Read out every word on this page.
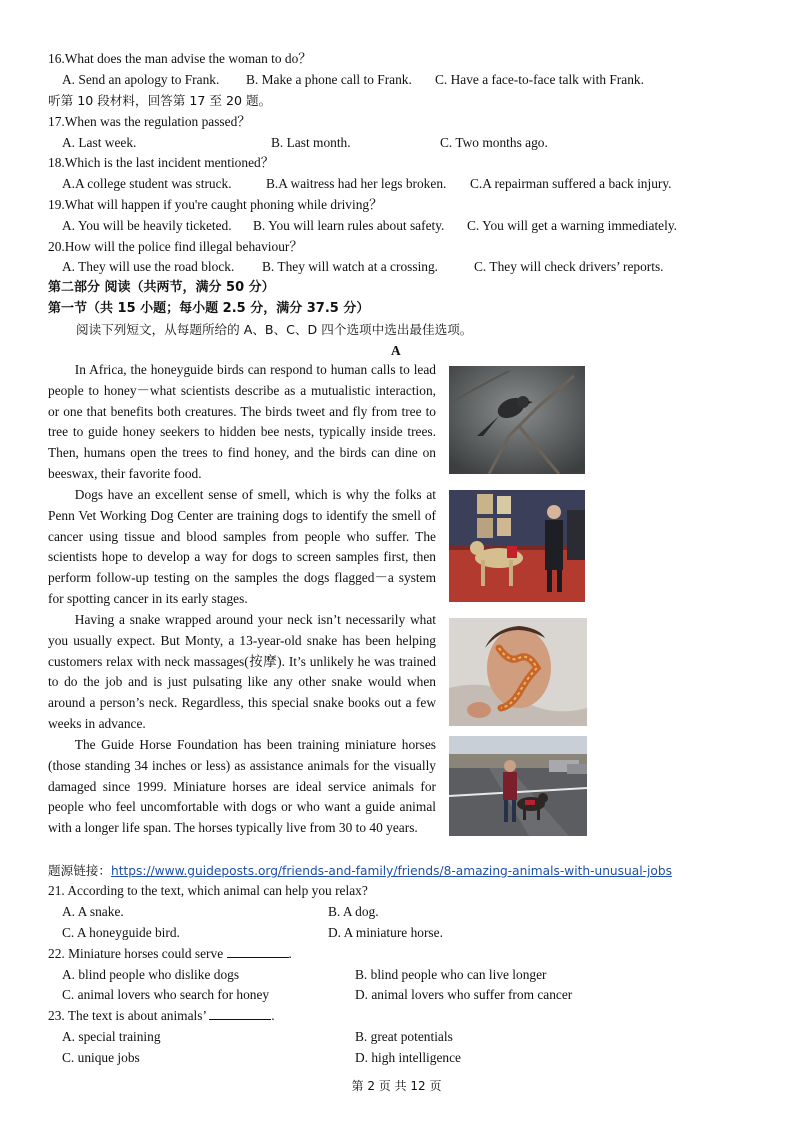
16.What does the man advise the woman to do？
A. Send an apology to Frank. B. Make a phone call to Frank. C. Have a face-to-face talk with Frank.
听第 10 段材料，回答第 17 至 20 题。
17.When was the regulation passed？
A. Last week.	B. Last month.	C. Two months ago.
18.Which is the last incident mentioned？
A.A college student was struck.	B.A waitress had her legs broken. C.A repairman suffered a back injury.
19.What will happen if you're caught phoning while driving？
A. You will be heavily ticketed. B. You will learn rules about safety. C. You will get a warning immediately.
20.How will the police find illegal behaviour？
A. They will use the road block. B. They will watch at a crossing.	C. They will check drivers’ reports.
第二部分 阅读（共两节，满分 50 分）
第一节（共 15 小题；每小题 2.5 分，满分 37.5 分）
阅读下列短文，从每题所给的 A、B、C、D 四个选项中选出最佳选项。
A

In Africa, the honeyguide birds can respond to human calls to lead people to honey－what scientists describe as a mutualistic interaction, or one that benefits both creatures. The birds tweet and fly from tree to tree to guide honey seekers to hidden bee nests, typically inside trees. Then, humans open the trees to find honey, and the birds can dine on beeswax, their favorite food.

Dogs have an excellent sense of smell, which is why the folks at Penn Vet Working Dog Center are training dogs to identify the smell of cancer using tissue and blood samples from people who suffer. The scientists hope to develop a way for dogs to screen samples first, then perform follow-up testing on the samples the dogs flagged－a system for spotting cancer in its early stages.

Having a snake wrapped around your neck isn’t necessarily what you usually expect. But Monty, a 13-year-old snake has been helping customers relax with neck massages(按摩). It’s unlikely he was trained to do the job and is just pulsating like any other snake would when around a person’s neck. Regardless, this special snake books out a few weeks in advance.

The Guide Horse Foundation has been training miniature horses (those standing 34 inches or less) as assistance animals for the visually damaged since 1999. Miniature horses are ideal service animals for people who feel uncomfortable with dogs or who want a guide animal with a longer life span. The horses typically live from 30 to 40 years.

题源链接：https://www.guideposts.org/friends-and-family/friends/8-amazing-animals-with-unusual-jobs
21. According to the text, which animal can help you relax?
A. A snake.	B. A dog.
C. A honeyguide bird.	D. A miniature horse.
22. Miniature horses could serve	.
A. blind people who dislike dogs	B. blind people who can live longer
C. animal lovers who search for honey	D. animal lovers who suffer from cancer
23. The text is about animals’	.
A. special training	B. great potentials
C. unique jobs	D. high intelligence
第 2 页 共 12 页
